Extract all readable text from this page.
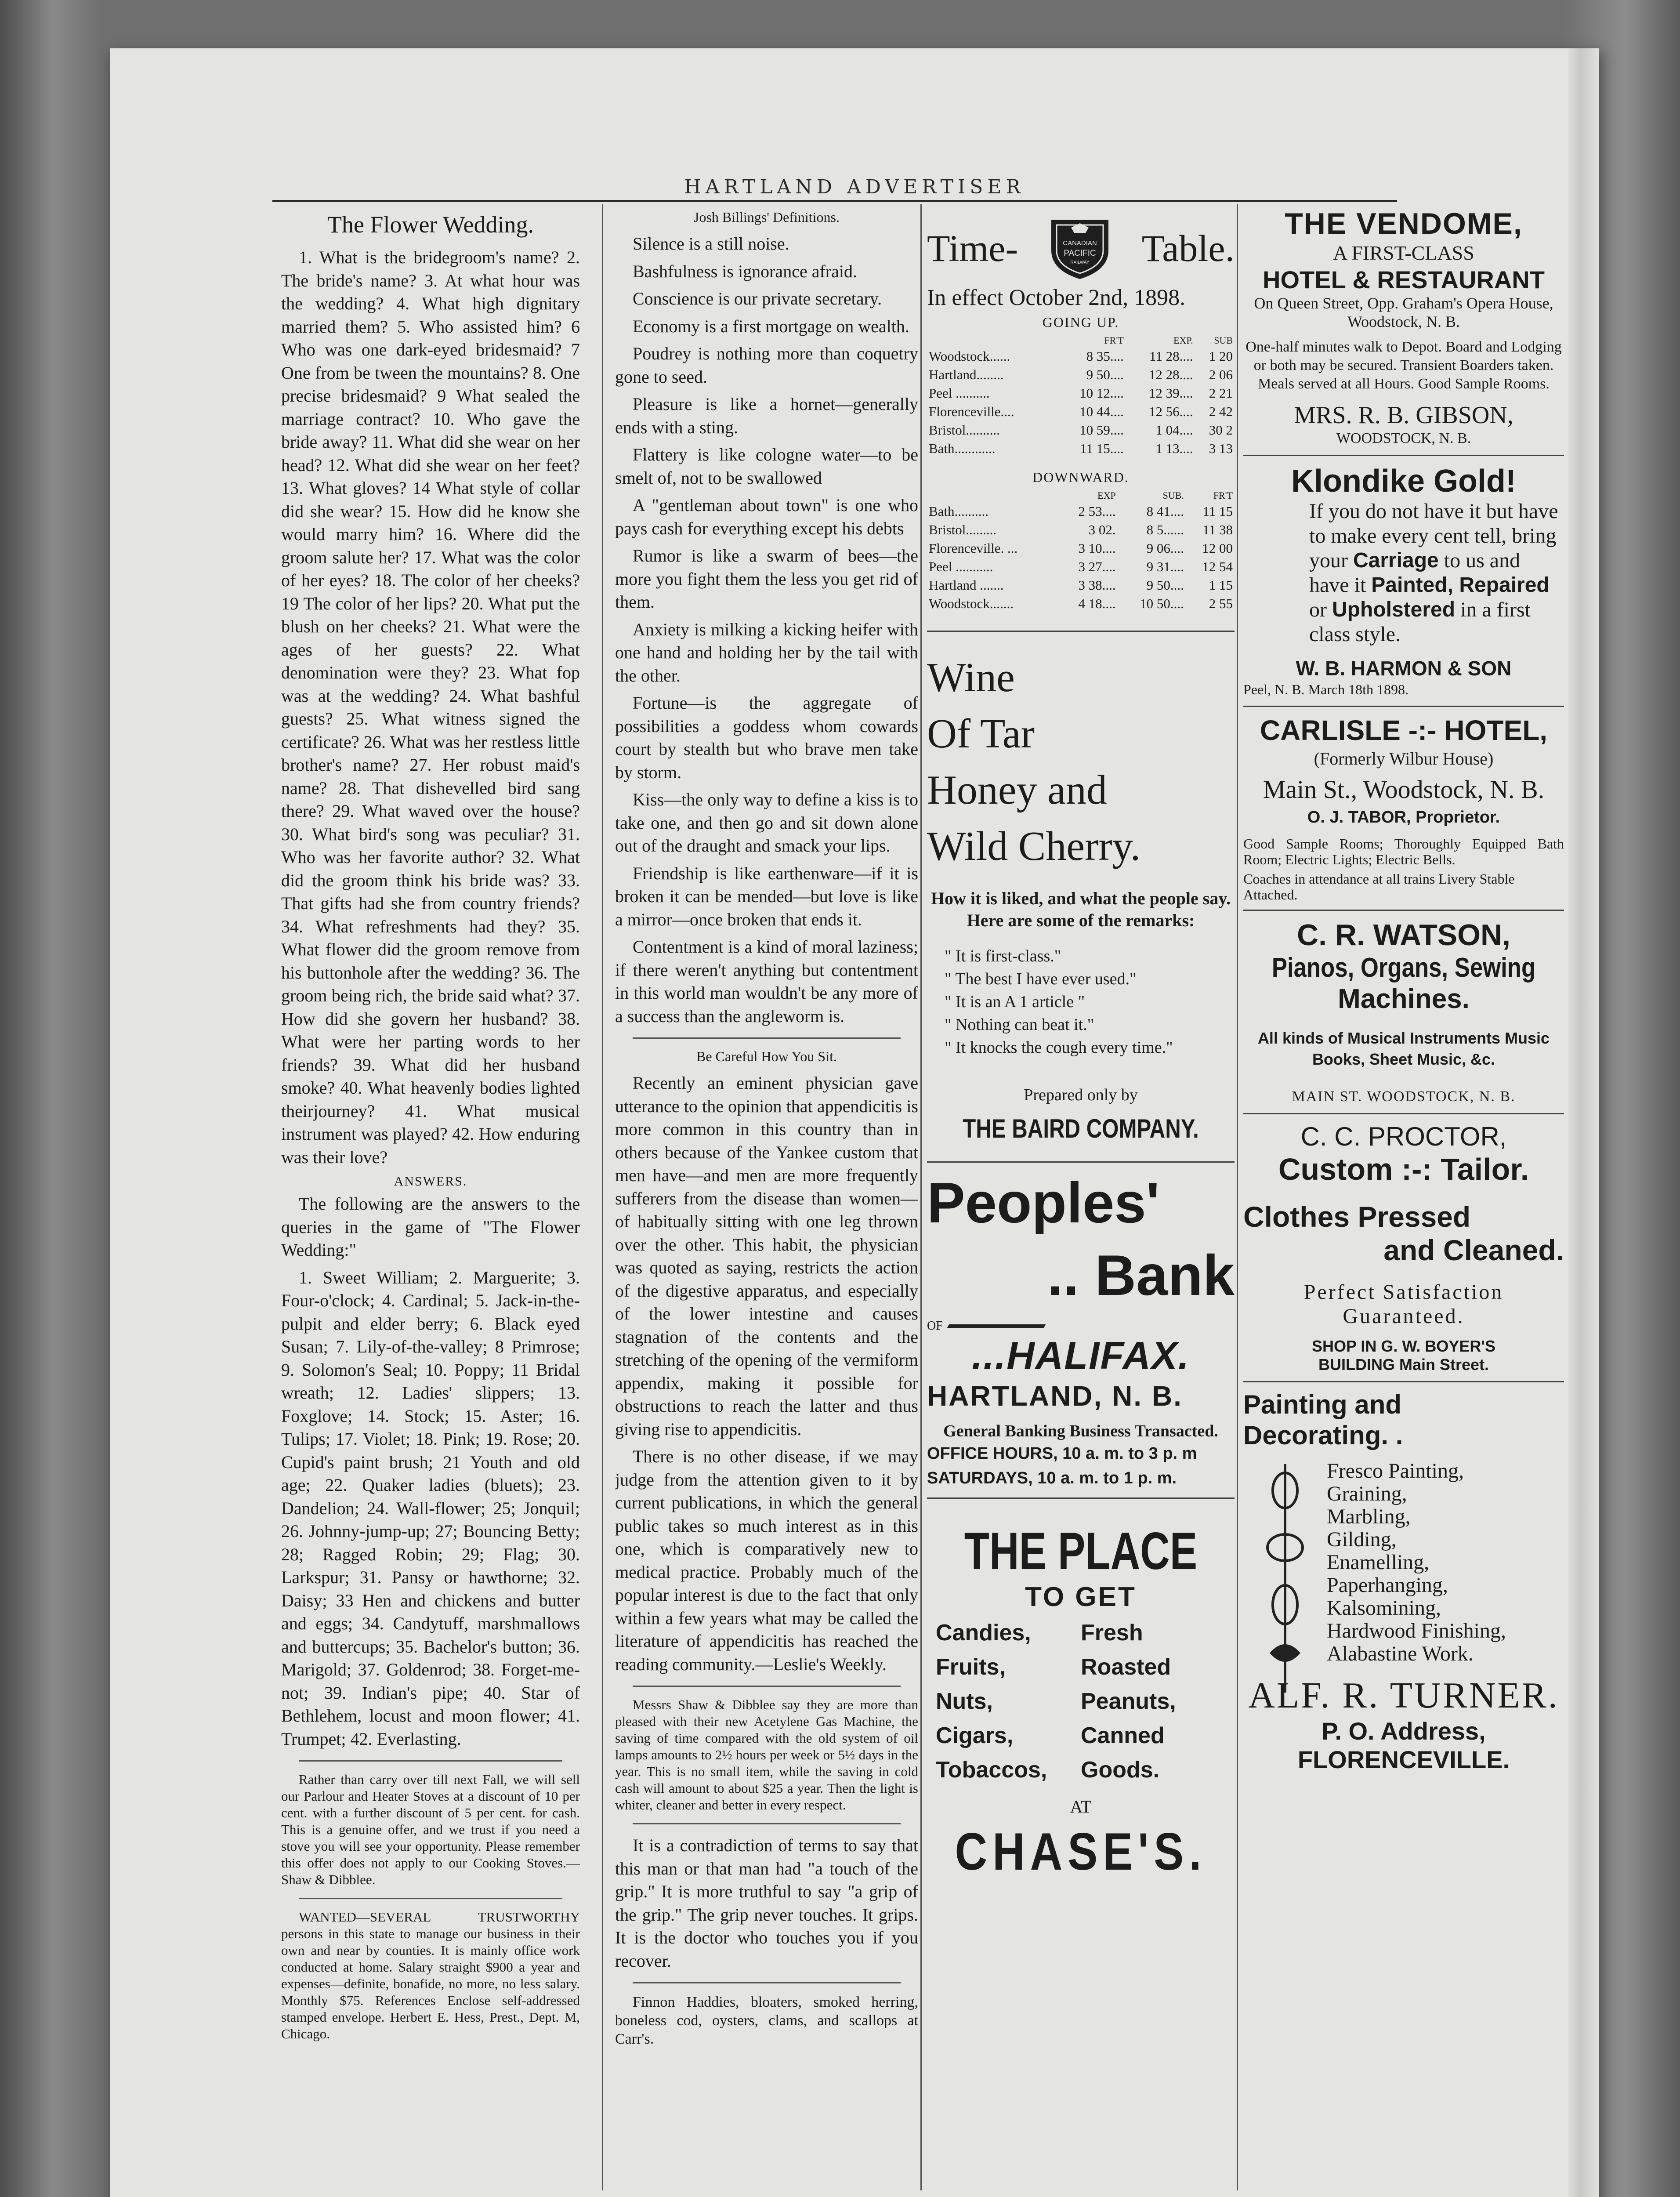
HARTLAND ADVERTISER
The Flower Wedding.

1. What is the bridegroom's name? 2. The bride's name? 3. At what hour was the wedding? 4. What high dignitary married them? 5. Who assisted him? 6 Who was one dark-eyed bridesmaid? 7 One from be tween the mountains? 8. One precise bridesmaid? 9 What sealed the marriage contract? 10. Who gave the bride away? 11. What did she wear on her head? 12. What did she wear on her feet? 13. What gloves? 14 What style of collar did she wear? 15. How did he know she would marry him? 16. Where did the groom salute her? 17. What was the color of her eyes? 18. The color of her cheeks? 19 The color of her lips? 20. What put the blush on her cheeks? 21. What were the ages of her guests? 22. What denomination were they? 23. What fop was at the wedding? 24. What bashful guests? 25. What witness signed the certificate? 26. What was her restless little brother's name? 27. Her robust maid's name? 28. That dishevelled bird sang there? 29. What waved over the house? 30. What bird's song was peculiar? 31. Who was her favorite author? 32. What did the groom think his bride was? 33. That gifts had she from country friends? 34. What refreshments had they? 35. What flower did the groom remove from his buttonhole after the wedding? 36. The groom being rich, the bride said what? 37. How did she govern her husband? 38. What were her parting words to her friends? 39. What did her husband smoke? 40. What heavenly bodies lighted theirjourney? 41. What musical instrument was played? 42. How enduring was their love?

ANSWERS.

The following are the answers to the queries in the game of "The Flower Wedding:"

1. Sweet William; 2. Marguerite; 3. Four-o'clock; 4. Cardinal; 5. Jack-in-the-pulpit and elder berry; 6. Black eyed Susan; 7. Lily-of-the-valley; 8 Primrose; 9. Solomon's Seal; 10. Poppy; 11 Bridal wreath; 12. Ladies' slippers; 13. Foxglove; 14. Stock; 15. Aster; 16. Tulips; 17. Violet; 18. Pink; 19. Rose; 20. Cupid's paint brush; 21 Youth and old age; 22. Quaker ladies (bluets); 23. Dandelion; 24. Wall-flower; 25; Jonquil; 26. Johnny-jump-up; 27; Bouncing Betty; 28; Ragged Robin; 29; Flag; 30. Larkspur; 31. Pansy or hawthorne; 32. Daisy; 33 Hen and chickens and butter and eggs; 34. Candytuff, marshmallows and buttercups; 35. Bachelor's button; 36. Marigold; 37. Goldenrod; 38. Forget-me-not; 39. Indian's pipe; 40. Star of Bethlehem, locust and moon flower; 41. Trumpet; 42. Everlasting.

Rather than carry over till next Fall, we will sell our Parlour and Heater Stoves at a discount of 10 per cent. with a further discount of 5 per cent. for cash. This is a genuine offer, and we trust if you need a stove you will see your opportunity. Please remember this offer does not apply to our Cooking Stoves.—Shaw & Dibblee.

WANTED—SEVERAL TRUSTWORTHY persons in this state to manage our business in their own and near by counties. It is mainly office work conducted at home. Salary straight $900 a year and expenses—definite, bonafide, no more, no less salary. Monthly $75. References Enclose self-addressed stamped envelope. Herbert E. Hess, Prest., Dept. M, Chicago.

Josh Billings' Definitions.

Silence is a still noise.

Bashfulness is ignorance afraid.

Conscience is our private secretary.

Economy is a first mortgage on wealth.

Poudrey is nothing more than coquetry gone to seed.

Pleasure is like a hornet—generally ends with a sting.

Flattery is like cologne water—to be smelt of, not to be swallowed

A "gentleman about town" is one who pays cash for everything except his debts

Rumor is like a swarm of bees—the more you fight them the less you get rid of them.

Anxiety is milking a kicking heifer with one hand and holding her by the tail with the other.

Fortune—is the aggregate of possibilities a goddess whom cowards court by stealth but who brave men take by storm.

Kiss—the only way to define a kiss is to take one, and then go and sit down alone out of the draught and smack your lips.

Friendship is like earthenware—if it is broken it can be mended—but love is like a mirror—once broken that ends it.

Contentment is a kind of moral laziness; if there weren't anything but contentment in this world man wouldn't be any more of a success than the angleworm is.

Be Careful How You Sit.

Recently an eminent physician gave utterance to the opinion that appendicitis is more common in this country than in others because of the Yankee custom that men have—and men are more frequently sufferers from the disease than women—of habitually sitting with one leg thrown over the other. This habit, the physician was quoted as saying, restricts the action of the digestive apparatus, and especially of the lower intestine and causes stagnation of the contents and the stretching of the opening of the vermiform appendix, making it possible for obstructions to reach the latter and thus giving rise to appendicitis.

There is no other disease, if we may judge from the attention given to it by current publications, in which the general public takes so much interest as in this one, which is comparatively new to medical practice. Probably much of the popular interest is due to the fact that only within a few years what may be called the literature of appendicitis has reached the reading community.—Leslie's Weekly.

Messrs Shaw & Dibblee say they are more than pleased with their new Acetylene Gas Machine, the saving of time compared with the old system of oil lamps amounts to 2½ hours per week or 5½ days in the year. This is no small item, while the saving in cold cash will amount to about $25 a year. Then the light is whiter, cleaner and better in every respect.

It is a contradiction of terms to say that this man or that man had "a touch of the grip." It is more truthful to say "a grip of the grip." The grip never touches. It grips. It is the doctor who touches you if you recover.

Finnon Haddies, bloaters, smoked herring, boneless cod, oysters, clams, and scallops at Carr's.

Time-	CANADIAN
PACIFIC
RAILWAY Table.
In effect October 2nd, 1898.
GOING UP.
	FR'T	EXP.	SUB
Woodstock......	8 35....	11 28....	1 20
Hartland........	9 50....	12 28....	2 06
Peel ..........	10 12....	12 39....	2 21
Florenceville....	10 44....	12 56....	2 42
Bristol..........	10 59....	1 04....	30 2
Bath............	11 15....	1 13....	3 13
DOWNWARD.
	EXP	SUB.	FR'T
Bath..........	2 53....	8 41....	11 15
Bristol.........	3 02.	8 5......	11 38
Florenceville. ...	3 10....	9 06....	12 00
Peel ...........	3 27....	9 31....	12 54
Hartland .......	3 38....	9 50....	1 15
Woodstock.......	4 18....	10 50....	2 55
Wine
Of Tar
Honey and
Wild Cherry.
How it is liked, and what the people say. Here are some of the remarks:
" It is first-class."
" The best I have ever used."
" It is an A 1 article "
" Nothing can beat it."
" It knocks the cough every time."
Prepared only by
THE BAIRD COMPANY.
Peoples'
.. Bank
OF
...HALIFAX.
HARTLAND, N. B.
General Banking Business Transacted.
OFFICE HOURS, 10 a. m. to 3 p. m
SATURDAYS, 10 a. m. to 1 p. m.
THE PLACE
TO GET
Candies,	Fresh
Fruits,	Roasted
Nuts,	Peanuts,
Cigars,	Canned
Tobaccos,	Goods.
AT
CHASE'S.
THE VENDOME,
A FIRST-CLASS
HOTEL & RESTAURANT
On Queen Street, Opp. Graham's Opera House, Woodstock, N. B.
One-half minutes walk to Depot. Board and Lodging or both may be secured. Transient Boarders taken. Meals served at all Hours. Good Sample Rooms.
MRS. R. B. GIBSON,
WOODSTOCK, N. B.
Klondike Gold!
If you do not have it but have to make every cent tell, bring your Carriage to us and have it Painted, Repaired or Upholstered in a first class style.
W. B. HARMON & SON
Peel, N. B. March 18th 1898.
CARLISLE -:- HOTEL,
(Formerly Wilbur House)
Main St., Woodstock, N. B.
O. J. TABOR, Proprietor.
Good Sample Rooms; Thoroughly Equipped Bath Room; Electric Lights; Electric Bells.
Coaches in attendance at all trains Livery Stable Attached.
C. R. WATSON,
Pianos, Organs, Sewing
Machines.
All kinds of Musical Instruments Music Books, Sheet Music, &c.
MAIN ST. WOODSTOCK, N. B.
C. C. PROCTOR,
Custom :-: Tailor.
Clothes Pressed
and Cleaned.
Perfect Satisfaction
Guaranteed.
SHOP IN G. W. BOYER'S
BUILDING Main Street.
Painting and
Decorating. .
Fresco Painting,
Graining,
Marbling,
Gilding,
Enamelling,
Paperhanging,
Kalsomining,
Hardwood Finishing,
Alabastine Work.
ALF. R. TURNER.
P. O. Address, FLORENCEVILLE.
